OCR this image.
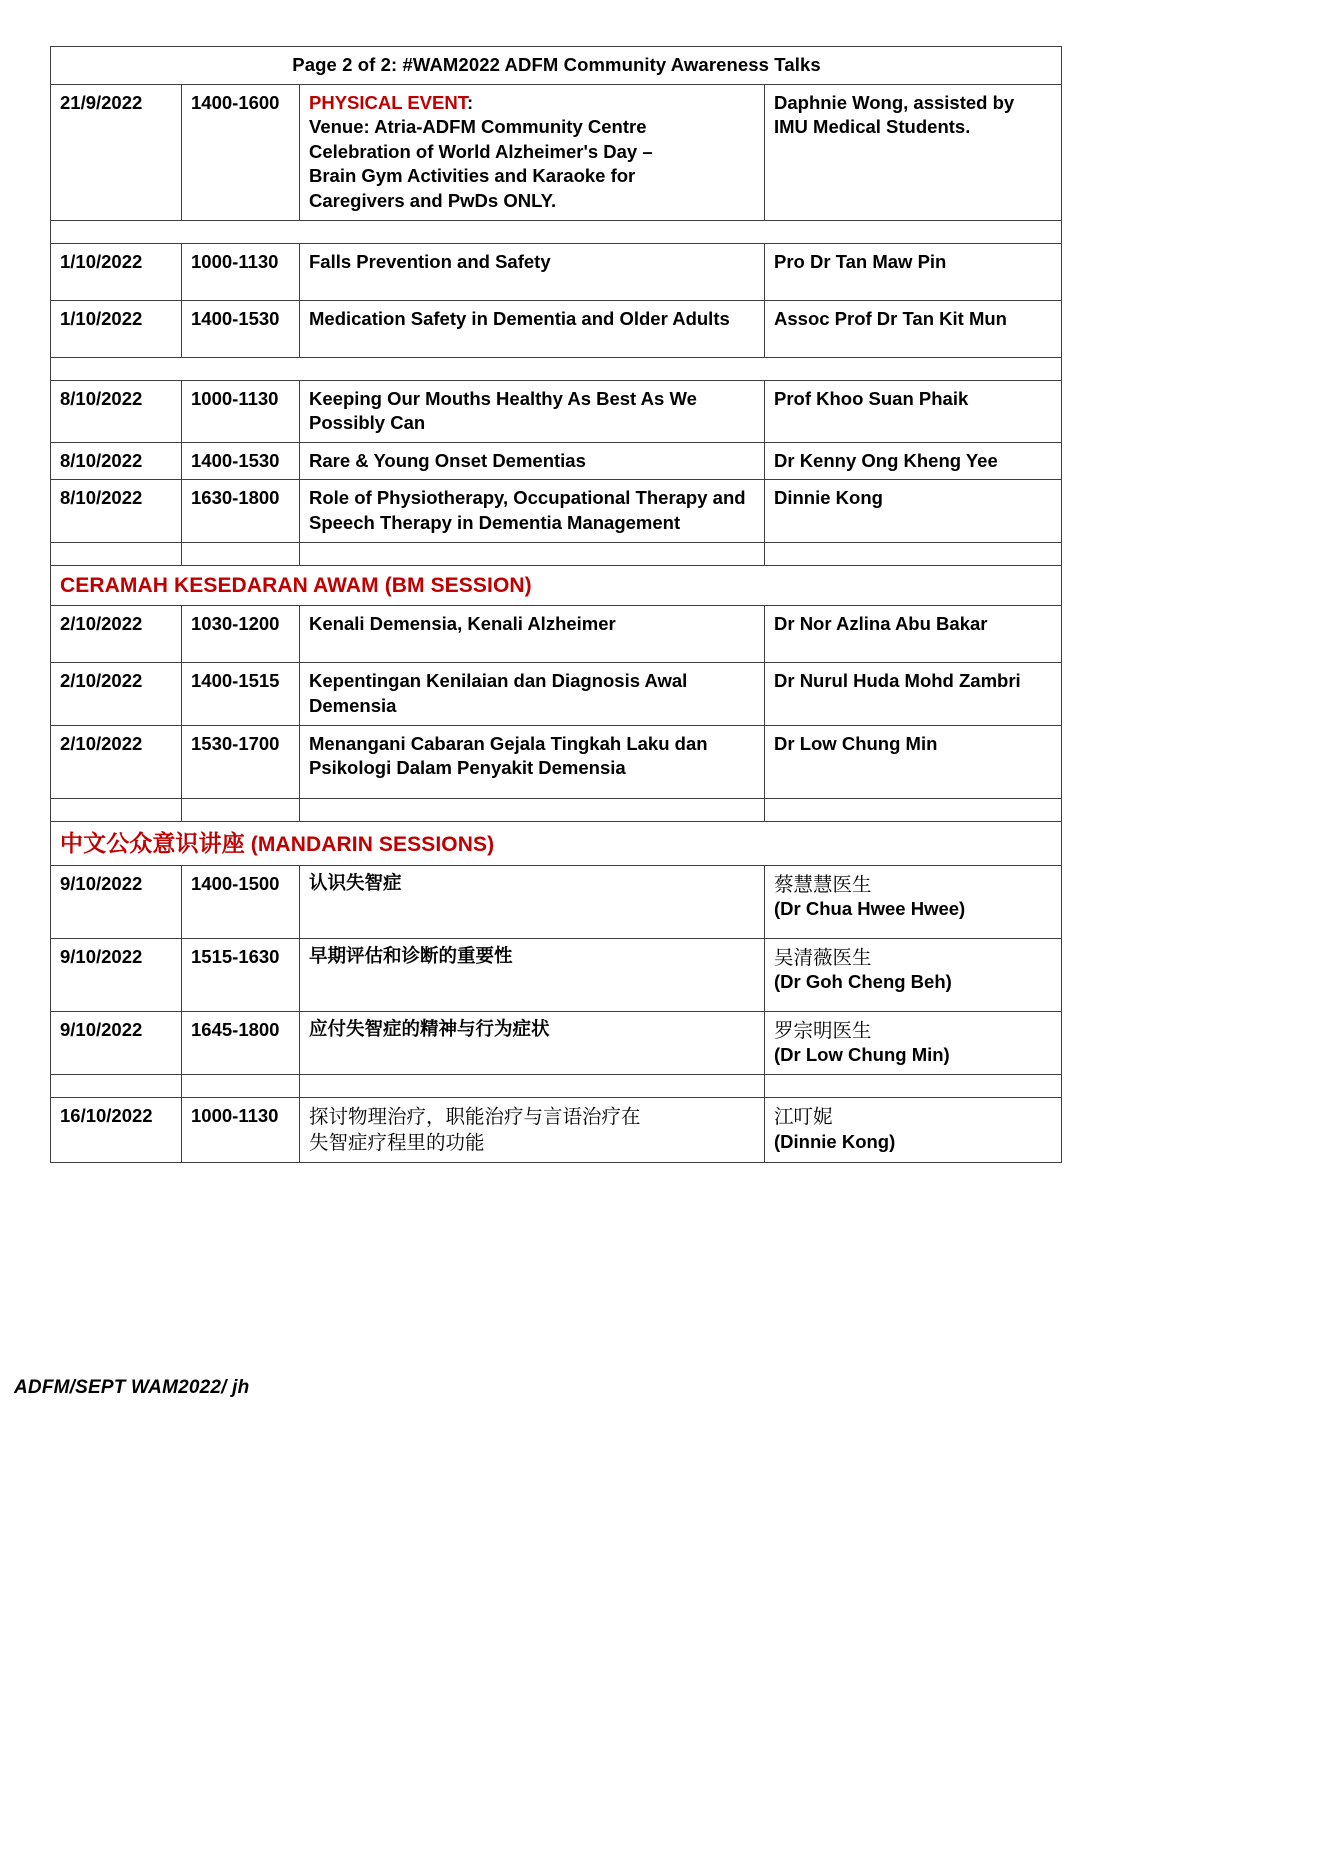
Page 2 of 2: #WAM2022 ADFM Community Awareness Talks			
21/9/2022	1400-1600	PHYSICAL EVENT:
Venue: Atria-ADFM Community Centre
Celebration of World Alzheimer's Day –
Brain Gym Activities and Karaoke for
Caregivers and PwDs ONLY.	Daphnie Wong, assisted by
IMU Medical Students.

1/10/2022	1000-1130	Falls Prevention and Safety	Pro Dr Tan Maw Pin
1/10/2022	1400-1530	Medication Safety in Dementia and Older Adults	Assoc Prof Dr Tan Kit Mun

8/10/2022	1000-1130	Keeping Our Mouths Healthy As Best As We Possibly Can	Prof Khoo Suan Phaik
8/10/2022	1400-1530	Rare & Young Onset Dementias	Dr Kenny Ong Kheng Yee
8/10/2022	1630-1800	Role of Physiotherapy, Occupational Therapy and Speech Therapy in Dementia Management	Dinnie Kong

CERAMAH KESEDARAN AWAM (BM SESSION)			
2/10/2022	1030-1200	Kenali Demensia, Kenali Alzheimer	Dr Nor Azlina Abu Bakar
2/10/2022	1400-1515	Kepentingan Kenilaian dan Diagnosis Awal Demensia	Dr Nurul Huda Mohd Zambri
2/10/2022	1530-1700	Menangani Cabaran Gejala Tingkah Laku dan Psikologi Dalam Penyakit Demensia	Dr Low Chung Min

中文公众意识讲座 (MANDARIN SESSIONS)			
9/10/2022	1400-1500	认识失智症	蔡慧慧医生
(Dr Chua Hwee Hwee)

9/10/2022	1515-1630	早期评估和诊断的重要性	吴清薇医生
(Dr Goh Cheng Beh)

9/10/2022	1645-1800	应付失智症的精神与行为症状	罗宗明医生
(Dr Low Chung Min)

16/10/2022	1000-1130	探讨物理治疗，职能治疗与言语治疗在
失智症疗程里的功能	江叮妮
(Dinnie Kong)
ADFM/SEPT WAM2022/ jh
